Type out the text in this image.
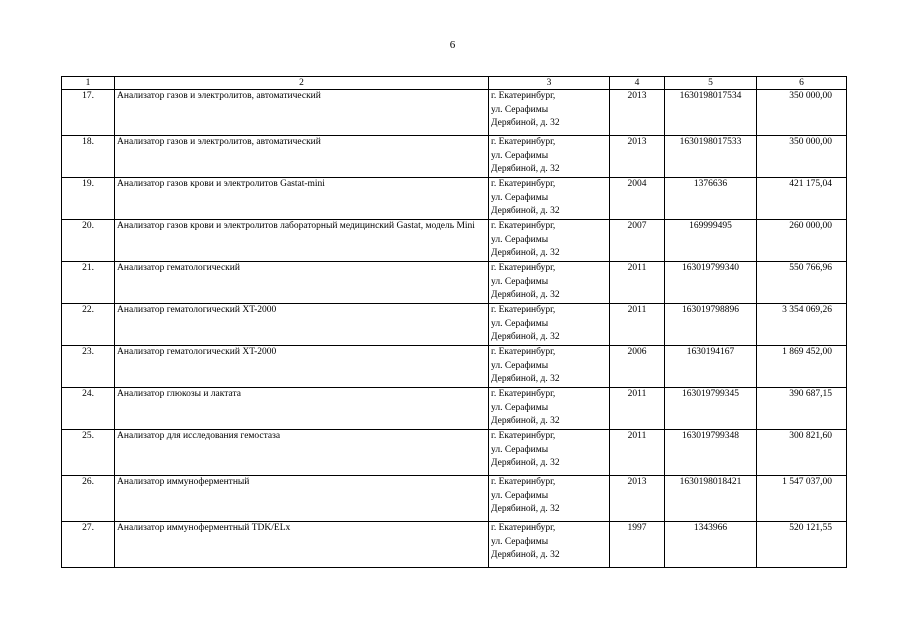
6
1	2	3	4	5	6
17.	Анализатор газов и электролитов, автоматический	г. Екатеринбург,
ул. Серафимы
Дерябиной, д. 32	2013	1630198017534	350 000,00
18.	Анализатор газов и электролитов, автоматический	г. Екатеринбург,
ул. Серафимы
Дерябиной, д. 32	2013	1630198017533	350 000,00
19.	Анализатор газов крови и электролитов Gastat-mini	г. Екатеринбург,
ул. Серафимы
Дерябиной, д. 32	2004	1376636	421 175,04
20.	Анализатор газов крови и электролитов лабораторный медицинский Gastat, модель Mini	г. Екатеринбург,
ул. Серафимы
Дерябиной, д. 32	2007	169999495	260 000,00
21.	Анализатор гематологический	г. Екатеринбург,
ул. Серафимы
Дерябиной, д. 32	2011	163019799340	550 766,96
22.	Анализатор гематологический XT-2000	г. Екатеринбург,
ул. Серафимы
Дерябиной, д. 32	2011	163019798896	3 354 069,26
23.	Анализатор гематологический XT-2000	г. Екатеринбург,
ул. Серафимы
Дерябиной, д. 32	2006	1630194167	1 869 452,00
24.	Анализатор глюкозы и лактата	г. Екатеринбург,
ул. Серафимы
Дерябиной, д. 32	2011	163019799345	390 687,15
25.	Анализатор для исследования гемостаза	г. Екатеринбург,
ул. Серафимы
Дерябиной, д. 32	2011	163019799348	300 821,60
26.	Анализатор иммуноферментный	г. Екатеринбург,
ул. Серафимы
Дерябиной, д. 32	2013	1630198018421	1 547 037,00
27.	Анализатор иммуноферментный TDK/ELx	г. Екатеринбург,
ул. Серафимы
Дерябиной, д. 32	1997	1343966	520 121,55
